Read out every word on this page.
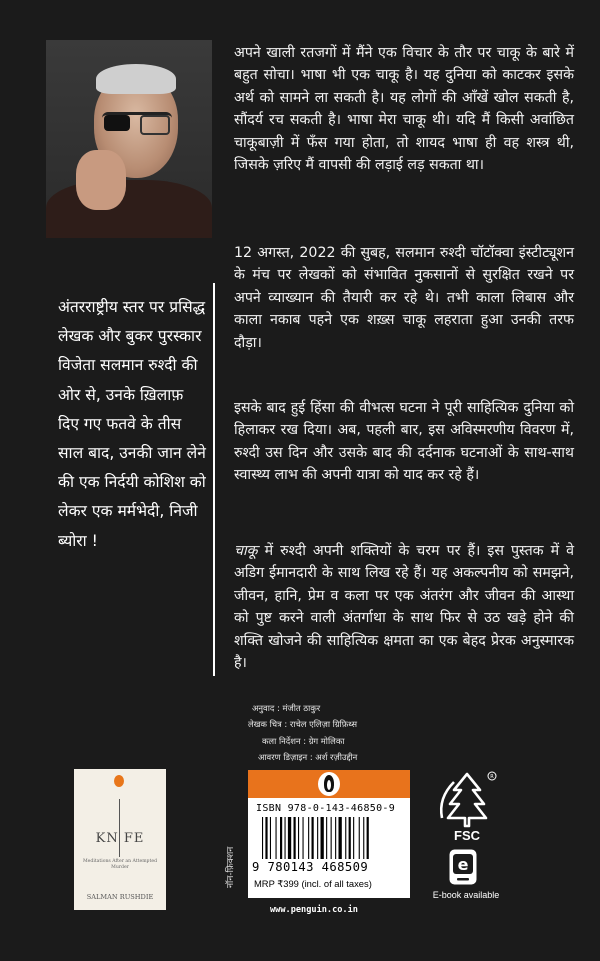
अपने खाली रतजगों में मैंने एक विचार के तौर पर चाकू के बारे में बहुत सोचा। भाषा भी एक चाकू है। यह दुनिया को काटकर इसके अर्थ को सामने ला सकती है। यह लोगों की आँखें खोल सकती है, सौंदर्य रच सकती है। भाषा मेरा चाकू थी। यदि मैं किसी अवांछित चाकूबाज़ी में फँस गया होता, तो शायद भाषा ही वह शस्त्र थी, जिसके ज़रिए मैं वापसी की लड़ाई लड़ सकता था।

12 अगस्त, 2022 की सुबह, सलमान रुश्दी चॉटॉक्वा इंस्टीट्यूशन के मंच पर लेखकों को संभावित नुकसानों से सुरक्षित रखने पर अपने व्याख्यान की तैयारी कर रहे थे। तभी काला लिबास और काला नकाब पहने एक शख़्स चाकू लहराता हुआ उनकी तरफ दौड़ा।

इसके बाद हुई हिंसा की वीभत्स घटना ने पूरी साहित्यिक दुनिया को हिलाकर रख दिया। अब, पहली बार, इस अविस्मरणीय विवरण में, रुश्दी उस दिन और उसके बाद की दर्दनाक घटनाओं के साथ-साथ स्वास्थ्य लाभ की अपनी यात्रा को याद कर रहे हैं।

चाकू में रुश्दी अपनी शक्तियों के चरम पर हैं। इस पुस्तक में वे अडिग ईमानदारी के साथ लिख रहे हैं। यह अकल्पनीय को समझने, जीवन, हानि, प्रेम व कला पर एक अंतरंग और जीवन की आस्था को पुष्ट करने वाली अंतर्गाथा के साथ फिर से उठ खड़े होने की शक्ति खोजने की साहित्यिक क्षमता का एक बेहद प्रेरक अनुस्मारक है।

अंतरराष्ट्रीय स्तर पर प्रसिद्ध लेखक और बुकर पुरस्कार विजेता सलमान रुश्दी की ओर से, उनके ख़िलाफ़ दिए गए फतवे के तीस साल बाद, उनकी जान लेने की एक निर्दयी कोशिश को लेकर एक मर्मभेदी, निजी ब्योरा !

अनुवाद : मंजीत ठाकुर
लेखक चित्र : राचेल एलिज़ा ग्रिफ़िथ्स
कला निर्देशन : ग्रेग मोलिका
आवरण डिज़ाइन : अर्श रज़ीउद्दीन
KN FE
Meditations After an Attempted Murder
SALMAN RUSHDIE
नॉन-फ़िक्शन
ISBN 978-0-143-46850-9
9 780143 468509
MRP ₹399 (incl. of all taxes)
www.penguin.co.in
R
FSC
e
E-book available
